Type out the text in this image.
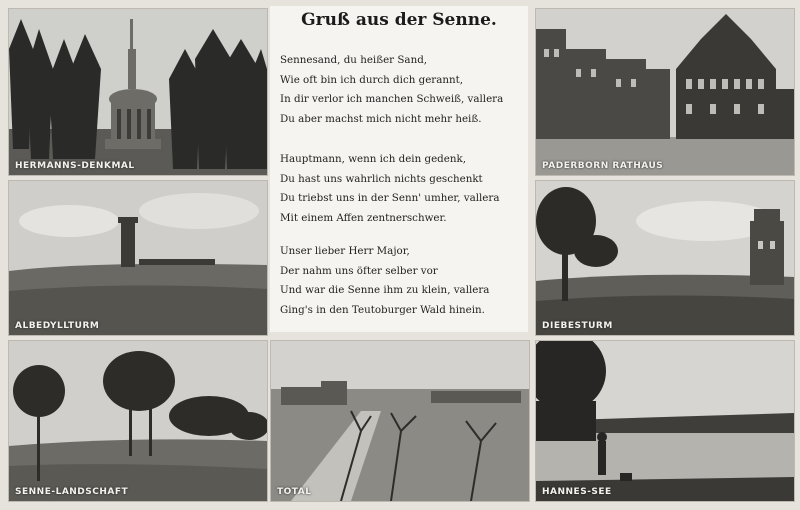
HERMANNS-DENKMAL
Gruß aus der Senne.
Sennesand, du heißer Sand,
Wie oft bin ich durch dich gerannt,
In dir verlor ich manchen Schweiß, vallera
Du aber machst mich nicht mehr heiß.
Hauptmann, wenn ich dein gedenk,
Du hast uns wahrlich nichts geschenkt
Du triebst uns in der Senn' umher, vallera
Mit einem Affen zentnerschwer.
Unser lieber Herr Major,
Der nahm uns öfter selber vor
Und war die Senne ihm zu klein, vallera
Ging's in den Teutoburger Wald hinein.
PADERBORN RATHAUS
ALBEDYLLTURM	DIEBESTURM
SENNE-LANDSCHAFT	TOTAL	HANNES-SEE
